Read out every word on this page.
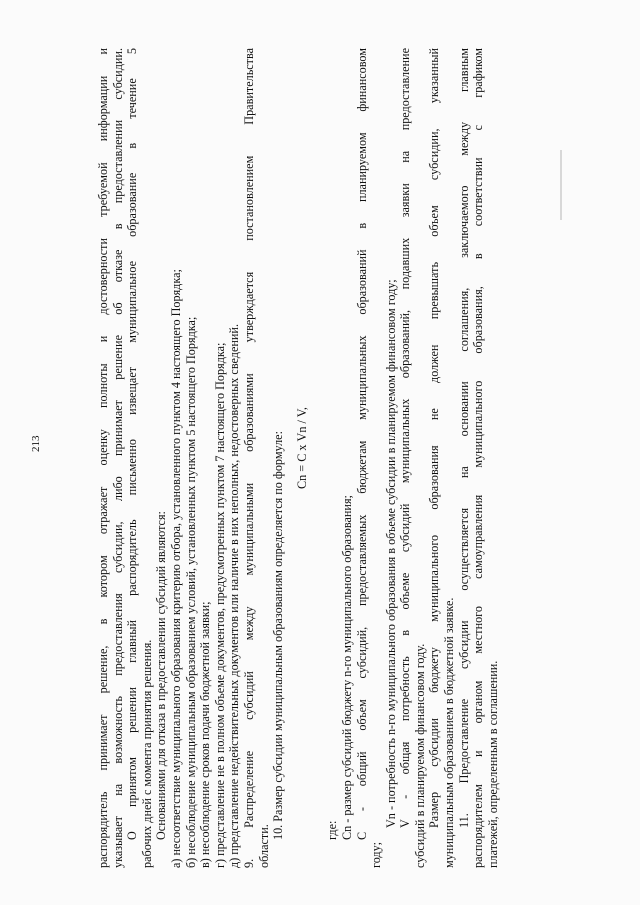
213	распорядитель принимает решение, в котором отражает оценку полноты и достоверности требуемой информации и указывает на возможность предоставления субсидии, либо принимает решение об отказе в предоставлении субсидии. О принятом решении главный распорядитель письменно извещает муниципальное образование в течение 5 рабочих дней с момента принятия решения. Основаниями для отказа в предоставлении субсидий являются: а) несоответствие муниципального образования критерию отбора, установленного пунктом 4 настоящего Порядка; б) несоблюдение муниципальным образованием условий, установленных пунктом 5 настоящего Порядка; в) несоблюдение сроков подачи бюджетной заявки; г) представление не в полном объеме документов, предусмотренных пунктом 7 настоящего Порядка; д) представление недействительных документов или наличие в них неполных, недостоверных сведений. 9. Распределение субсидий между муниципальными образованиями утверждается постановлением Правительства области.
10. Размер субсидии муниципальным образованиям определяется по формуле: Сn = С х Vn / V,
где: Сn - размер субсидий бюджету n-го муниципального образования; С - общий объем субсидий, предоставляемых бюджетам муниципальных образований в планируемом финансовом
году;
Vn - потребность n-го муниципального образования в объеме субсидии в планируемом финансовом году; V - общая потребность в объеме субсидий муниципальных образований, подавших заявки на предоставление субсидий в планируемом финансовом году. Размер субсидии бюджету муниципального образования не должен превышать объем субсидии, указанный муниципальным образованием в бюджетной заявке. 11. Предоставление субсидии осуществляется на основании соглашения, заключаемого между главным распорядителем и органом местного самоуправления муниципального образования, в соответствии с графиком платежей, определенным в соглашении.
